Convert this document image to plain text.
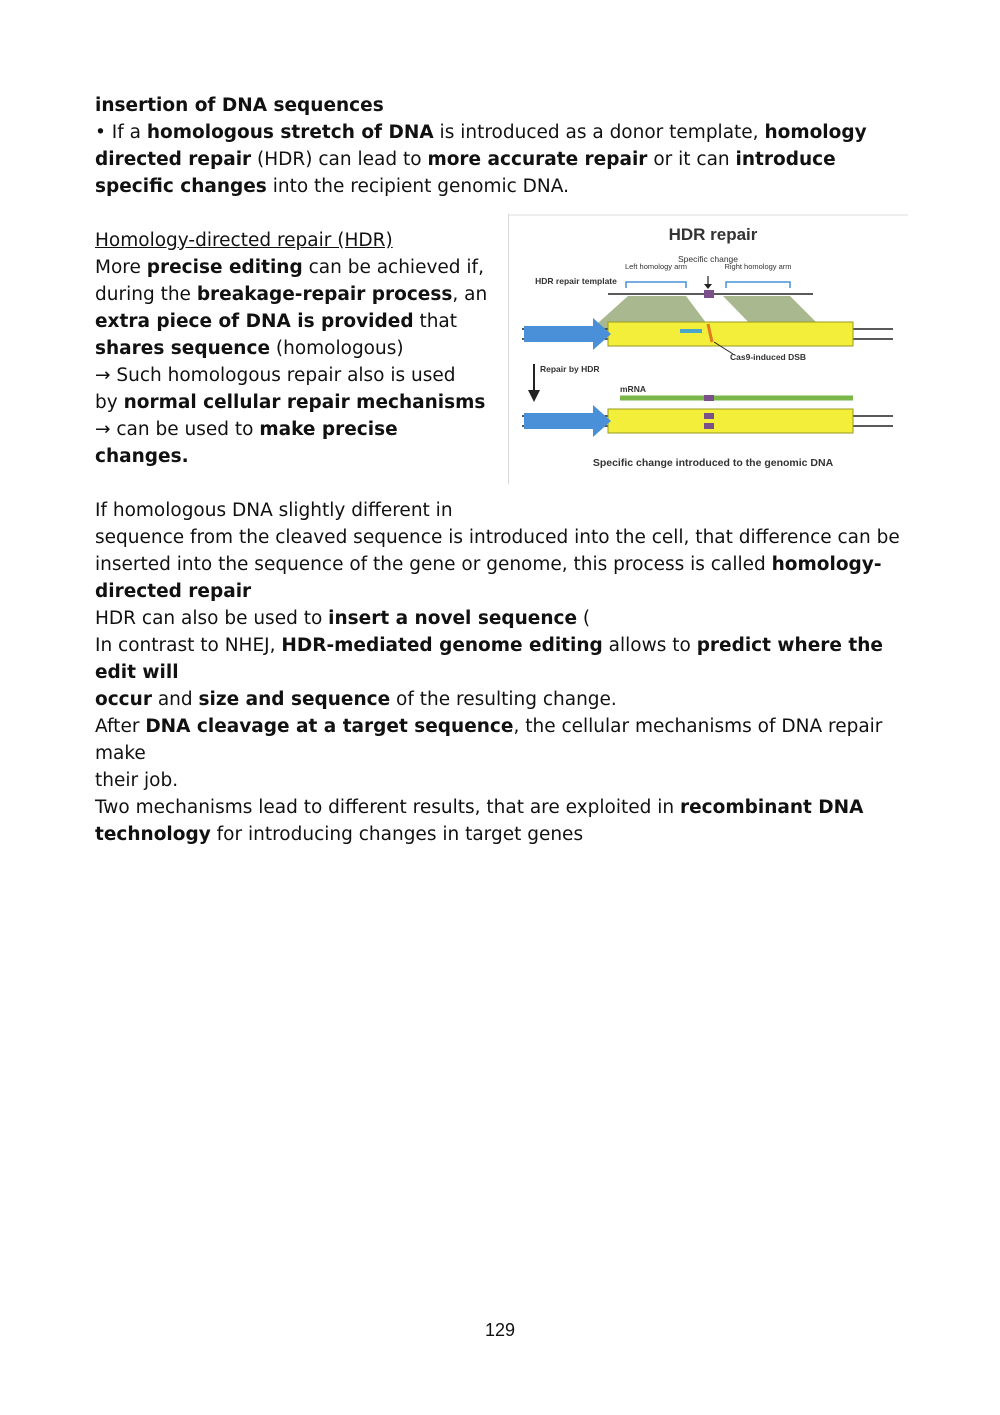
insertion of DNA sequences
• If a homologous stretch of DNA is introduced as a donor template, homology directed repair (HDR) can lead to more accurate repair or it can introduce specific changes into the recipient genomic DNA.

Homology-directed repair (HDR)
More precise editing can be achieved if,
during the breakage-repair process, an
extra piece of DNA is provided that
shares sequence (homologous)
→ Such homologous repair also is used
by normal cellular repair mechanisms
→ can be used to make precise
changes.
HDR repair
Left homology arm
Specific change
Right homology arm
HDR repair template
Cas9-induced DSB
Repair by HDR
mRNA
Specific change introduced to the genomic DNA

If homologous DNA slightly different in
sequence from the cleaved sequence is introduced into the cell, that difference can be inserted into the sequence of the gene or genome, this process is called homology-directed repair

HDR can also be used to insert a novel sequence (

In contrast to NHEJ, HDR-mediated genome editing allows to predict where the edit will
occur and size and sequence of the resulting change.

After DNA cleavage at a target sequence, the cellular mechanisms of DNA repair make
their job.

Two mechanisms lead to different results, that are exploited in recombinant DNA technology for introducing changes in target genes

129
